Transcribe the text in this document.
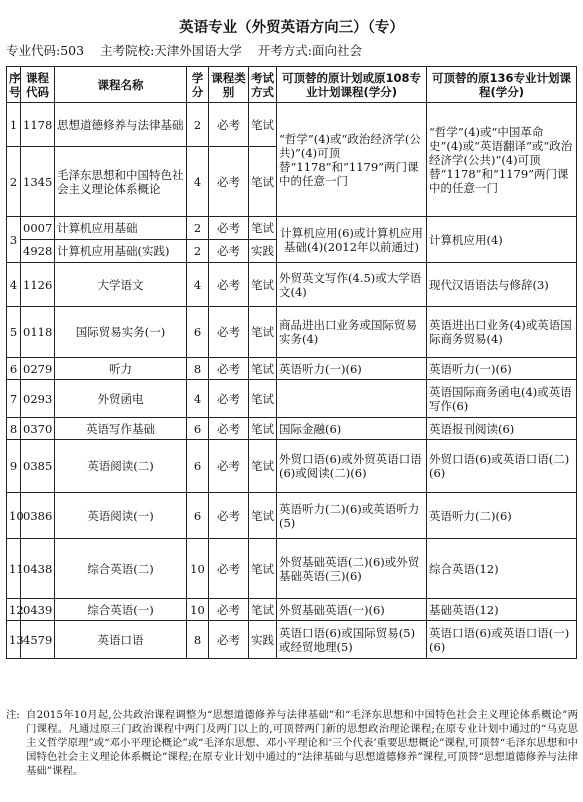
英语专业（外贸英语方向三）（专）
专业代码:503 主考院校:天津外国语大学 开考方式:面向社会
序号	课程代码	课程名称	学分	课程类别	考试方式	可顶替的原计划或原108专业计划课程(学分)	可顶替的原136专业计划课程(学分)
1	1178	思想道德修养与法律基础	2	必考	笔试	“哲学”(4)或“政治经济学(公共)”(4)可顶替“1178”和“1179”两门课中的任意一门	“哲学”(4)或“中国革命史”(4)或“英语翻译”或“政治经济学(公共)”(4)可顶替“1178”和“1179”两门课中的任意一门
2	1345	毛泽东思想和中国特色社会主义理论体系概论	4	必考	笔试		
3	0007	计算机应用基础	2	必考	笔试	计算机应用(6)或计算机应用基础(4)(2012年以前通过)	计算机应用(4)
	4928	计算机应用基础(实践)	2	必考	实践		
4	1126	大学语文	4	必考	笔试	外贸英文写作(4.5)或大学语文(4)	现代汉语语法与修辞(3)
5	0118	国际贸易实务(一)	6	必考	笔试	商品进出口业务或国际贸易实务(4)	英语进出口业务(4)或英语国际商务贸易(4)
6	0279	听力	8	必考	笔试	英语听力(一)(6)	英语听力(一)(6)
7	0293	外贸函电	4	必考	笔试		英语国际商务函电(4)或英语写作(6)
8	0370	英语写作基础	6	必考	笔试	国际金融(6)	英语报刊阅读(6)
9	0385	英语阅读(二)	6	必考	笔试	外贸口语(6)或外贸英语口语(6)或阅读(二)(6)	外贸口语(6)或英语口语(二)(6)
10	0386	英语阅读(一)	6	必考	笔试	英语听力(二)(6)或英语听力(5)	英语听力(二)(6)
11	0438	综合英语(二)	10	必考	笔试	外贸基础英语(二)(6)或外贸基础英语(三)(6)	综合英语(12)
12	0439	综合英语(一)	10	必考	笔试	外贸基础英语(一)(6)	基础英语(12)
13	4579	英语口语	8	必考	实践	英语口语(6)或国际贸易(5)或经贸地理(5)	英语口语(6)或英语口语(一)(6)
注: 自2015年10月起,公共政治课程调整为“思想道德修养与法律基础”和“毛泽东思想和中国特色社会主义理论体系概论”两门课程。凡通过原三门政治课程中两门及两门以上的,可顶替两门新的思想政治理论课程;在原专业计划中通过的“马克思主义哲学原理”或“邓小平理论概论”或“毛泽东思想、邓小平理论和‘三个代表’重要思想概论”课程,可顶替“毛泽东思想和中国特色社会主义理论体系概论”课程;在原专业计划中通过的“法律基础与思想道德修养”课程,可顶替“思想道德修养与法律基础”课程。
